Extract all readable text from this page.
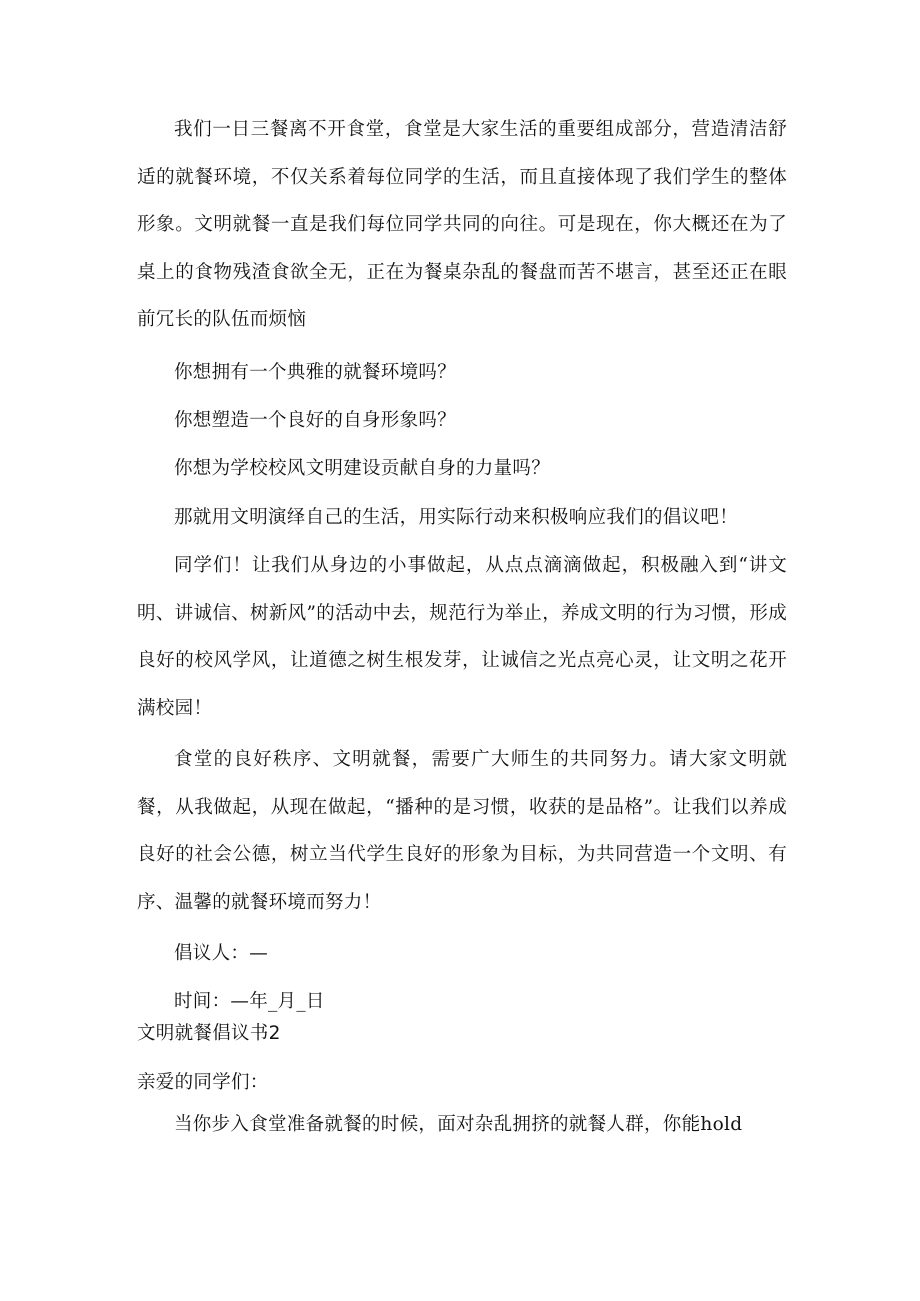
我们一日三餐离不开食堂，食堂是大家生活的重要组成部分，营造清洁舒适的就餐环境，不仅关系着每位同学的生活，而且直接体现了我们学生的整体形象。文明就餐一直是我们每位同学共同的向往。可是现在，你大概还在为了桌上的食物残渣食欲全无，正在为餐桌杂乱的餐盘而苦不堪言，甚至还正在眼前冗长的队伍而烦恼

你想拥有一个典雅的就餐环境吗？

你想塑造一个良好的自身形象吗？

你想为学校校风文明建设贡献自身的力量吗？

那就用文明演绎自己的生活，用实际行动来积极响应我们的倡议吧！

同学们！让我们从身边的小事做起，从点点滴滴做起，积极融入到“讲文明、讲诚信、树新风”的活动中去，规范行为举止，养成文明的行为习惯，形成良好的校风学风，让道德之树生根发芽，让诚信之光点亮心灵，让文明之花开满校园！

食堂的良好秩序、文明就餐，需要广大师生的共同努力。请大家文明就餐，从我做起，从现在做起，“播种的是习惯，收获的是品格”。让我们以养成良好的社会公德，树立当代学生良好的形象为目标，为共同营造一个文明、有序、温馨的就餐环境而努力！

倡议人：—

时间：—年_月_日

文明就餐倡议书2

亲爱的同学们：

当你步入食堂准备就餐的时候，面对杂乱拥挤的就餐人群，你能hold
